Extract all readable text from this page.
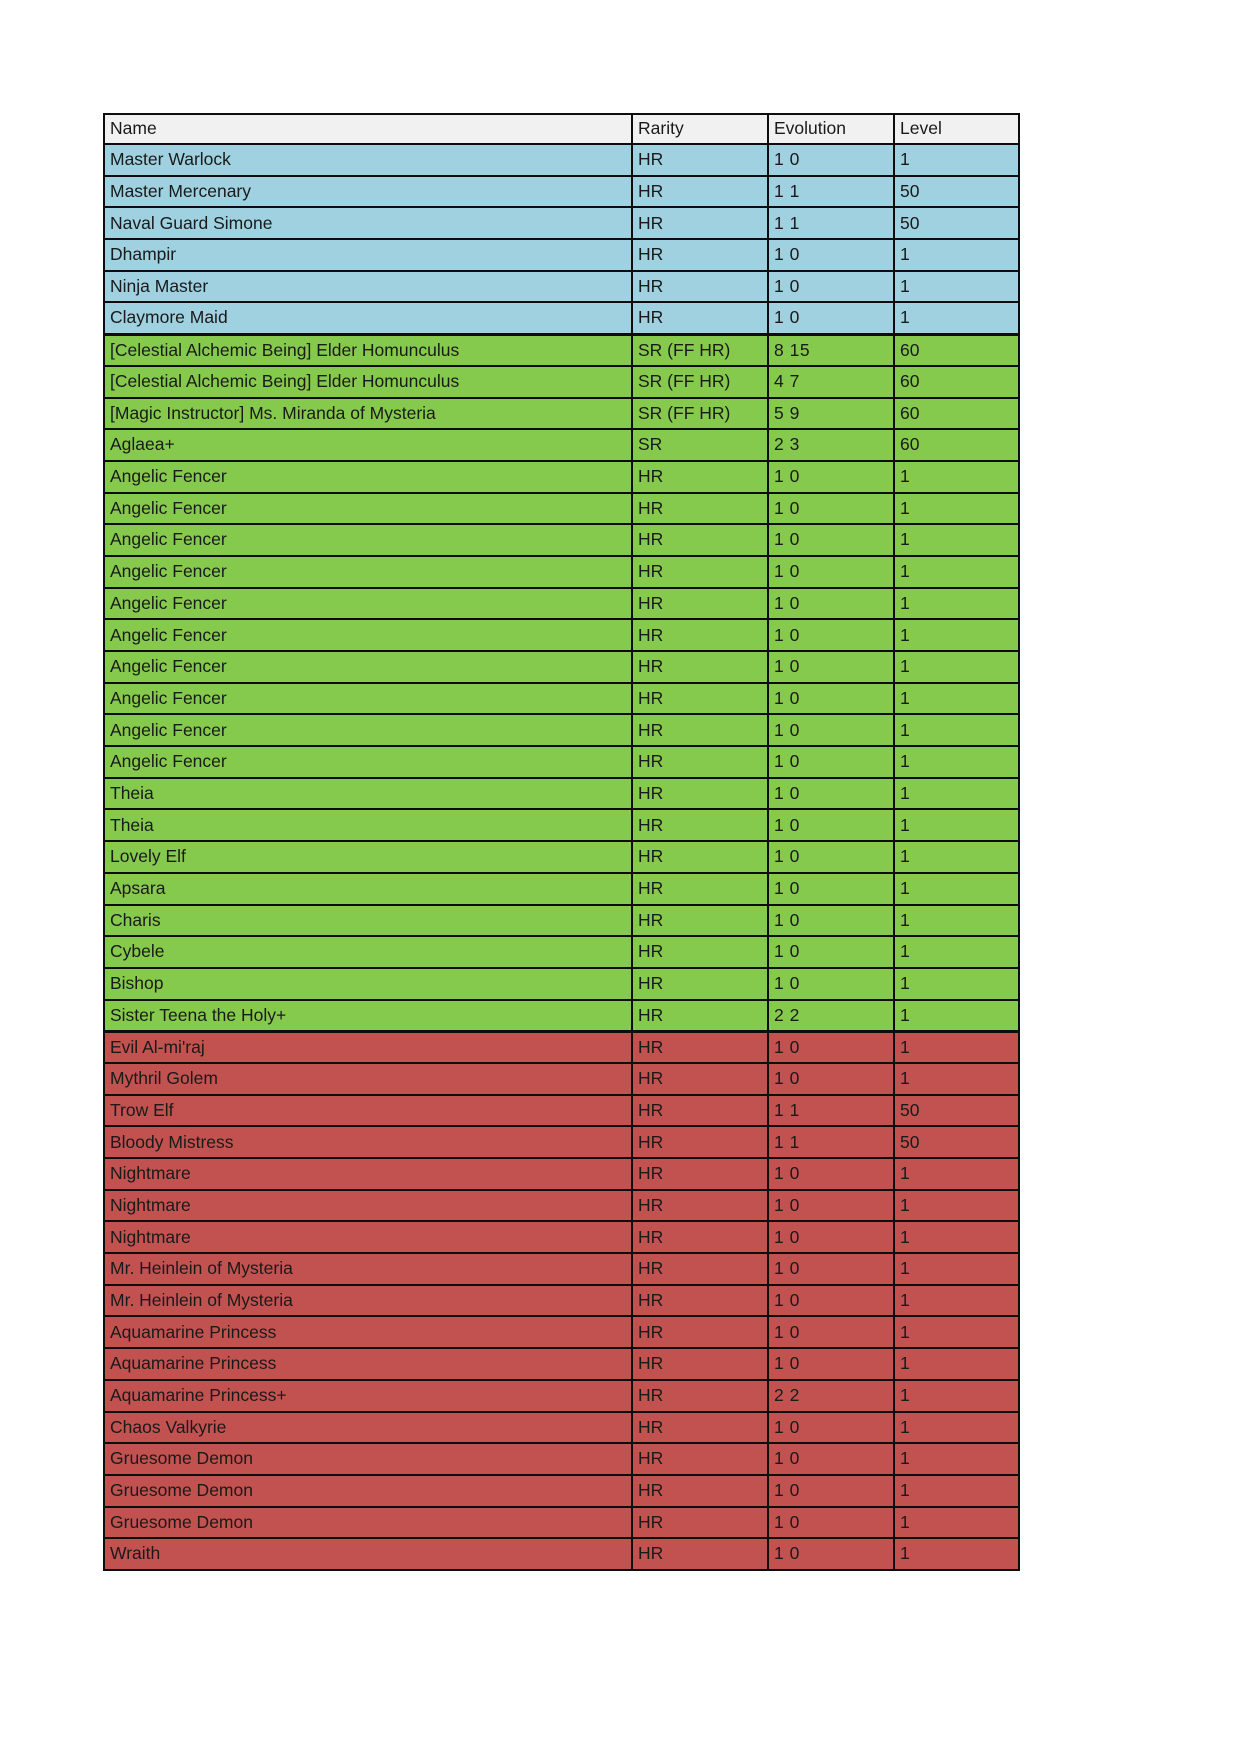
Name	Rarity	Evolution	Level
Master Warlock	HR	1 0	1
Master Mercenary	HR	1 1	50
Naval Guard Simone	HR	1 1	50
Dhampir	HR	1 0	1
Ninja Master	HR	1 0	1
Claymore Maid	HR	1 0	1
[Celestial Alchemic Being] Elder Homunculus	SR (FF HR)	8 15	60
[Celestial Alchemic Being] Elder Homunculus	SR (FF HR)	4 7	60
[Magic Instructor] Ms. Miranda of Mysteria	SR (FF HR)	5 9	60
Aglaea+	SR	2 3	60
Angelic Fencer	HR	1 0	1
Angelic Fencer	HR	1 0	1
Angelic Fencer	HR	1 0	1
Angelic Fencer	HR	1 0	1
Angelic Fencer	HR	1 0	1
Angelic Fencer	HR	1 0	1
Angelic Fencer	HR	1 0	1
Angelic Fencer	HR	1 0	1
Angelic Fencer	HR	1 0	1
Angelic Fencer	HR	1 0	1
Theia	HR	1 0	1
Theia	HR	1 0	1
Lovely Elf	HR	1 0	1
Apsara	HR	1 0	1
Charis	HR	1 0	1
Cybele	HR	1 0	1
Bishop	HR	1 0	1
Sister Teena the Holy+	HR	2 2	1
Evil Al-mi'raj	HR	1 0	1
Mythril Golem	HR	1 0	1
Trow Elf	HR	1 1	50
Bloody Mistress	HR	1 1	50
Nightmare	HR	1 0	1
Nightmare	HR	1 0	1
Nightmare	HR	1 0	1
Mr. Heinlein of Mysteria	HR	1 0	1
Mr. Heinlein of Mysteria	HR	1 0	1
Aquamarine Princess	HR	1 0	1
Aquamarine Princess	HR	1 0	1
Aquamarine Princess+	HR	2 2	1
Chaos Valkyrie	HR	1 0	1
Gruesome Demon	HR	1 0	1
Gruesome Demon	HR	1 0	1
Gruesome Demon	HR	1 0	1
Wraith	HR	1 0	1
